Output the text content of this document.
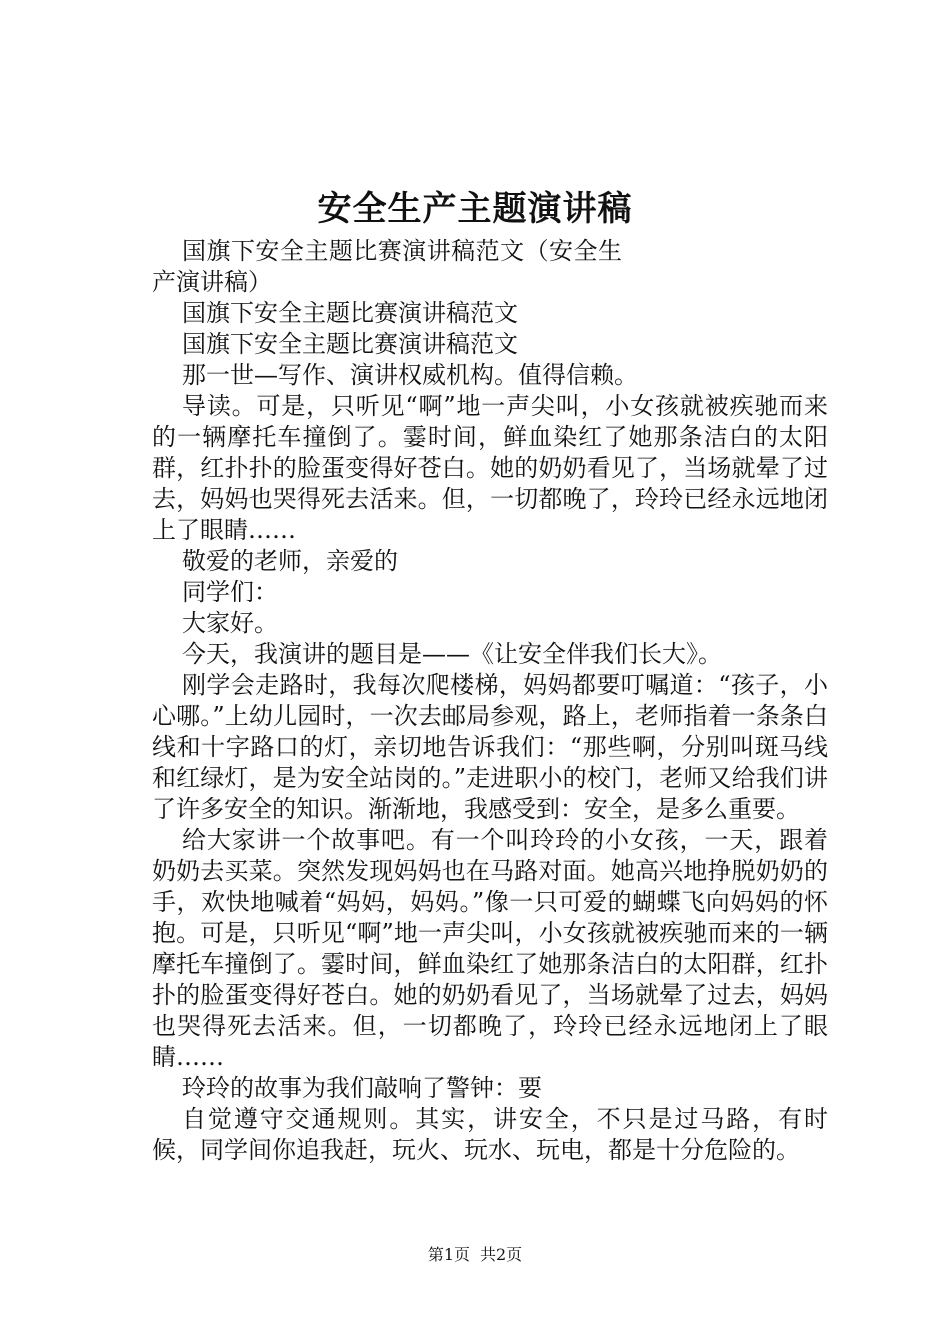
安全生产主题演讲稿

国旗下安全主题比赛演讲稿范文（安全生产演讲稿）

国旗下安全主题比赛演讲稿范文

国旗下安全主题比赛演讲稿范文

那一世—写作、演讲权威机构。值得信赖。

导读。可是，只听见“啊”地一声尖叫，小女孩就被疾驰而来的一辆摩托车撞倒了。霎时间，鲜血染红了她那条洁白的太阳群，红扑扑的脸蛋变得好苍白。她的奶奶看见了，当场就晕了过去，妈妈也哭得死去活来。但，一切都晚了，玲玲已经永远地闭上了眼睛……

敬爱的老师，亲爱的

同学们：

大家好。

今天，我演讲的题目是——《让安全伴我们长大》。

刚学会走路时，我每次爬楼梯，妈妈都要叮嘱道：“孩子，小心哪。”上幼儿园时，一次去邮局参观，路上，老师指着一条条白线和十字路口的灯，亲切地告诉我们：“那些啊，分别叫斑马线和红绿灯，是为安全站岗的。”走进职小的校门，老师又给我们讲了许多安全的知识。渐渐地，我感受到：安全，是多么重要。

给大家讲一个故事吧。有一个叫玲玲的小女孩，一天，跟着奶奶去买菜。突然发现妈妈也在马路对面。她高兴地挣脱奶奶的手，欢快地喊着“妈妈，妈妈。”像一只可爱的蝴蝶飞向妈妈的怀抱。可是，只听见“啊”地一声尖叫，小女孩就被疾驰而来的一辆摩托车撞倒了。霎时间，鲜血染红了她那条洁白的太阳群，红扑扑的脸蛋变得好苍白。她的奶奶看见了，当场就晕了过去，妈妈也哭得死去活来。但，一切都晚了，玲玲已经永远地闭上了眼睛……

玲玲的故事为我们敲响了警钟：要

自觉遵守交通规则。其实，讲安全，不只是过马路，有时候，同学间你追我赶，玩火、玩水、玩电，都是十分危险的。

第1页 共2页
